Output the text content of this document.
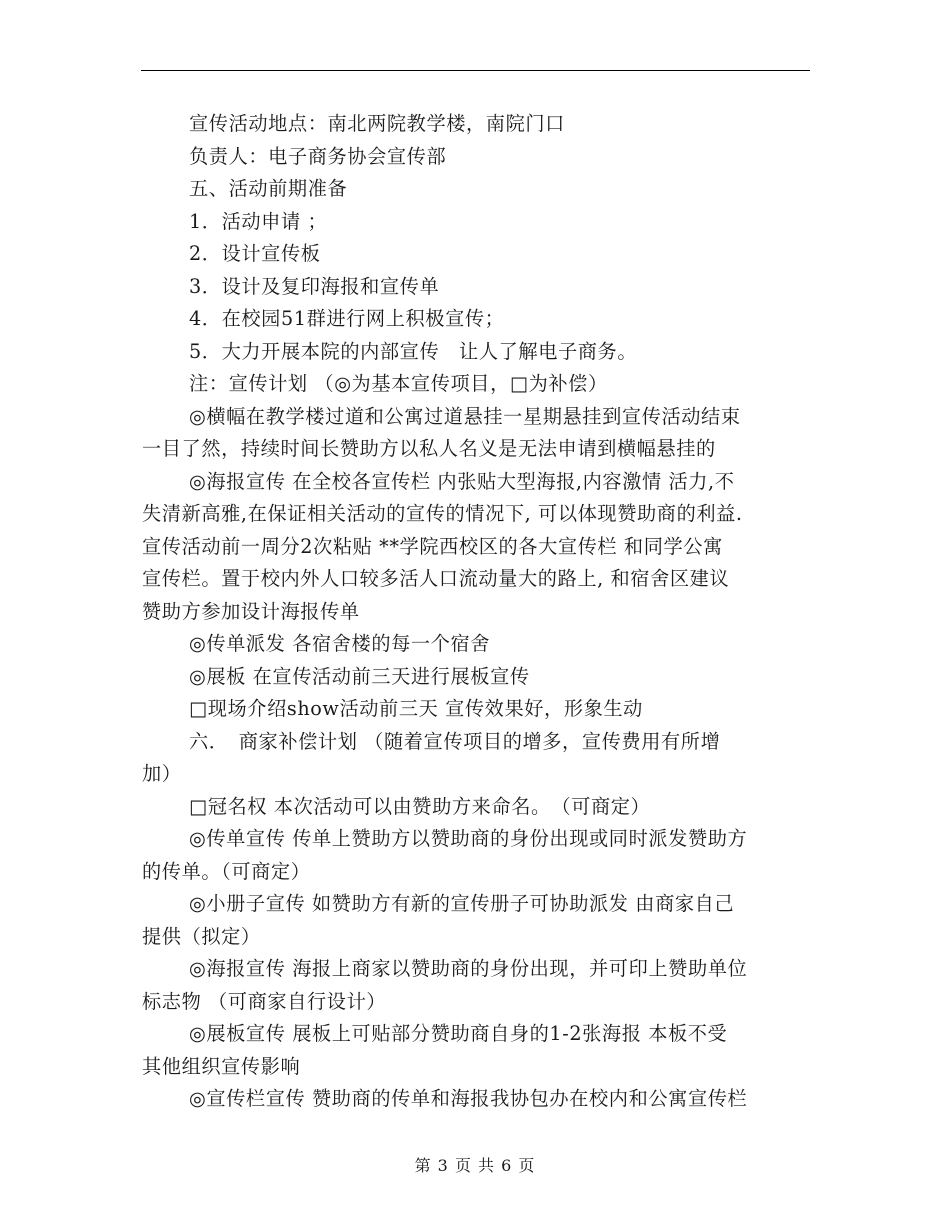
宣传活动地点：南北两院教学楼，南院门口

负责人：电子商务协会宣传部

五、活动前期准备

1．活动申请 ；

2．设计宣传板

3．设计及复印海报和宣传单

4．在校园51群进行网上积极宣传；

5．大力开展本院的内部宣传　让人了解电子商务。

注：宣传计划 （◎为基本宣传项目，□为补偿）

◎横幅在教学楼过道和公寓过道悬挂一星期悬挂到宣传活动结束

一目了然，持续时间长赞助方以私人名义是无法申请到横幅悬挂的

◎海报宣传 在全校各宣传栏 内张贴大型海报,内容激情 活力,不

失清新高雅,在保证相关活动的宣传的情况下, 可以体现赞助商的利益.

宣传活动前一周分2次粘贴 **学院西校区的各大宣传栏 和同学公寓

宣传栏。置于校内外人口较多活人口流动量大的路上, 和宿舍区建议

赞助方参加设计海报传单

◎传单派发 各宿舍楼的每一个宿舍

◎展板 在宣传活动前三天进行展板宣传

□现场介绍show活动前三天 宣传效果好，形象生动

六．　商家补偿计划 （随着宣传项目的增多，宣传费用有所增

加）

□冠名权 本次活动可以由赞助方来命名。　（可商定）

◎传单宣传 传单上赞助方以赞助商的身份出现或同时派发赞助方

的传单。（可商定）

◎小册子宣传 如赞助方有新的宣传册子可协助派发 由商家自己

提供（拟定）

◎海报宣传 海报上商家以赞助商的身份出现，并可印上赞助单位

标志物 （可商家自行设计）

◎展板宣传 展板上可贴部分赞助商自身的1-2张海报 本板不受

其他组织宣传影响

◎宣传栏宣传 赞助商的传单和海报我协包办在校内和公寓宣传栏

第 3 页 共 6 页
